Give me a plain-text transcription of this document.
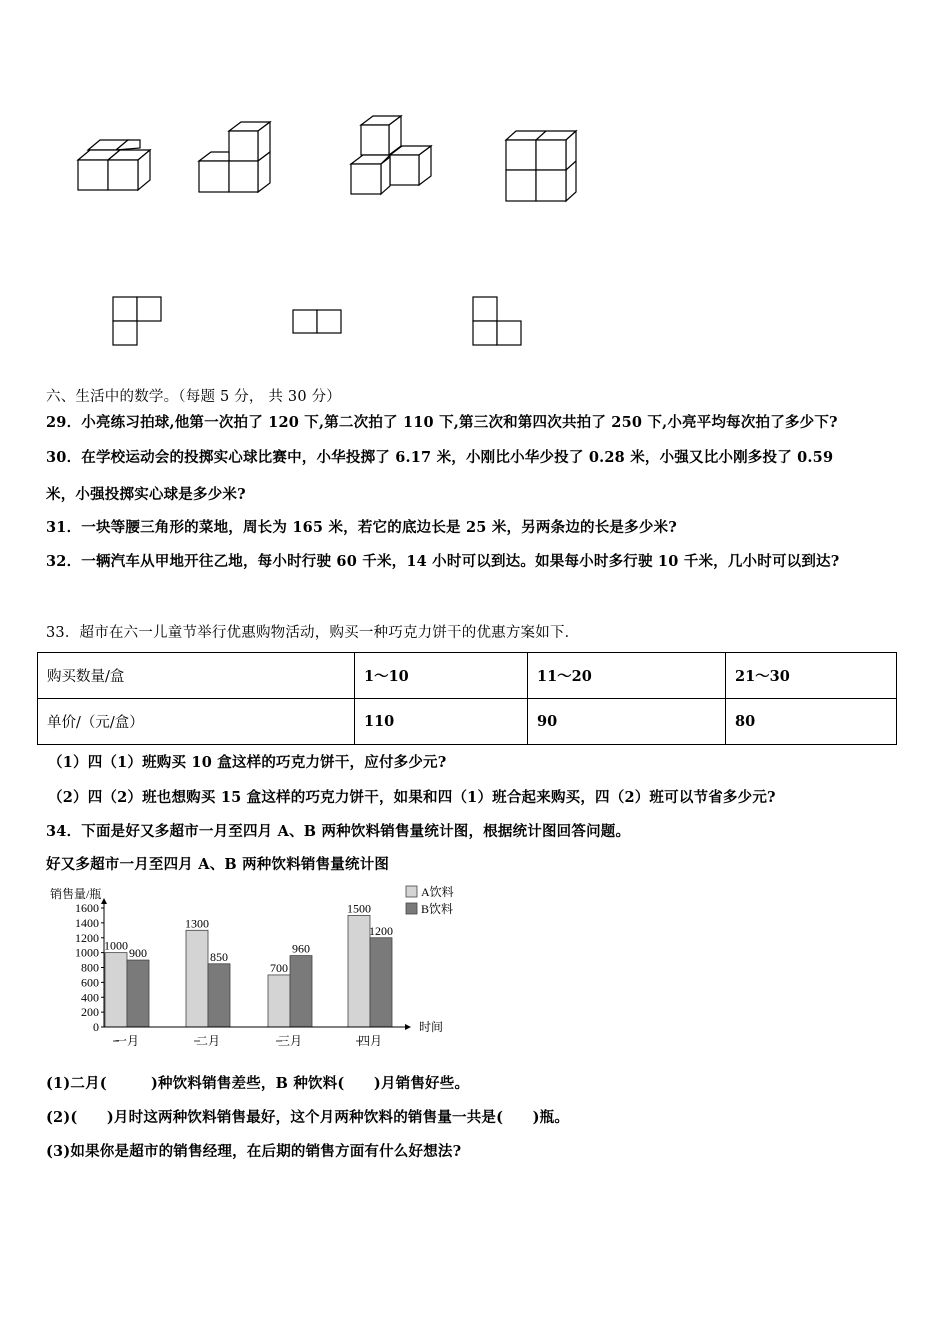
六、生活中的数学。（每题 5 分， 共 30 分）
29．小亮练习拍球,他第一次拍了 120 下,第二次拍了 110 下,第三次和第四次共拍了 250 下,小亮平均每次拍了多少下?
30．在学校运动会的投掷实心球比赛中，小华投掷了 6.17 米，小刚比小华少投了 0.28 米，小强又比小刚多投了 0.59
米，小强投掷实心球是多少米?
31．一块等腰三角形的菜地，周长为 165 米，若它的底边长是 25 米，另两条边的长是多少米?
32．一辆汽车从甲地开往乙地，每小时行驶 60 千米，14 小时可以到达。如果每小时多行驶 10 千米，几小时可以到达?
33．超市在六一儿童节举行优惠购物活动，购买一种巧克力饼干的优惠方案如下．
购买数量/盒	1～10	11～20	21～30
单价/（元/盒）	110	90	80
（1）四（1）班购买 10 盒这样的巧克力饼干，应付多少元?
（2）四（2）班也想购买 15 盒这样的巧克力饼干，如果和四（1）班合起来购买，四（2）班可以节省多少元?
34．下面是好又多超市一月至四月 A、B 两种饮料销售量统计图，根据统计图回答问题。
好又多超市一月至四月 A、B 两种饮料销售量统计图
销售量/瓶	A饮料
B饮料
0
200
400
600
800
1000
1200
1400
1600
1000
900
1300
850
700
960
1500
1200
时间
一月	二月	三月	四月
(1)二月(　　　)种饮料销售差些，B 种饮料(　　)月销售好些。
(2)(　　)月时这两种饮料销售最好，这个月两种饮料的销售量一共是(　　)瓶。
(3)如果你是超市的销售经理，在后期的销售方面有什么好想法?
